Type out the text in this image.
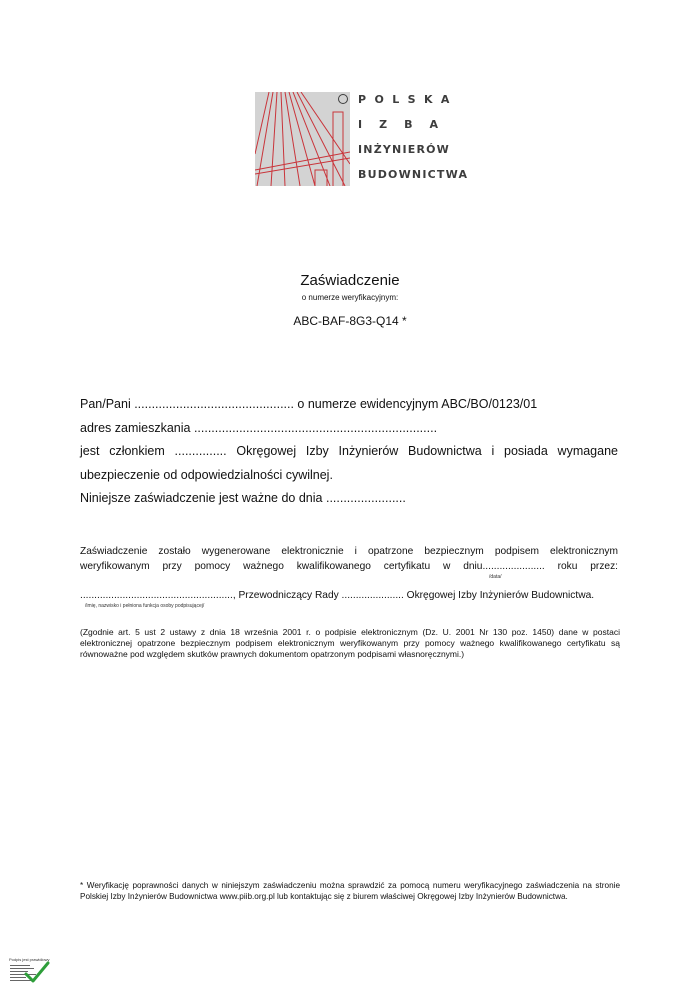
POLSKA
IZBA
INŻYNIERÓW
BUDOWNICTWA
Zaświadczenie
o numerze weryfikacyjnym:
ABC-BAF-8G3-Q14 *
Pan/Pani .............................................. o numerze ewidencyjnym ABC/BO/0123/01
adres zamieszkania ......................................................................
jest członkiem ............... Okręgowej Izby Inżynierów Budownictwa i posiada wymagane
ubezpieczenie od odpowiedzialności cywilnej.
Niniejsze zaświadczenie jest ważne do dnia .......................
Zaświadczenie zostało wygenerowane elektronicznie i opatrzone bezpiecznym podpisem elektronicznym
weryfikowanym przy pomocy ważnego kwalifikowanego certyfikatu w dniu...................... roku przez:
/data/
......................................................, Przewodniczący Rady ...................... Okręgowej Izby Inżynierów Budownictwa.
/imię, nazwisko i pełniona funkcja osoby podpisującej/
(Zgodnie art. 5 ust 2 ustawy z dnia 18 września 2001 r. o podpisie elektronicznym (Dz. U. 2001 Nr 130 poz. 1450) dane w postaci elektronicznej opatrzone bezpiecznym podpisem elektronicznym weryfikowanym przy pomocy ważnego kwalifikowanego certyfikatu są równoważne pod względem skutków prawnych dokumentom opatrzonym podpisami własnoręcznymi.)
* Weryfikację poprawności danych w niniejszym zaświadczeniu można sprawdzić za pomocą numeru weryfikacyjnego zaświadczenia na stronie Polskiej Izby Inżynierów Budownictwa www.piib.org.pl lub kontaktując się z biurem właściwej Okręgowej Izby Inżynierów Budownictwa.
Podpis jest prawidłowy
